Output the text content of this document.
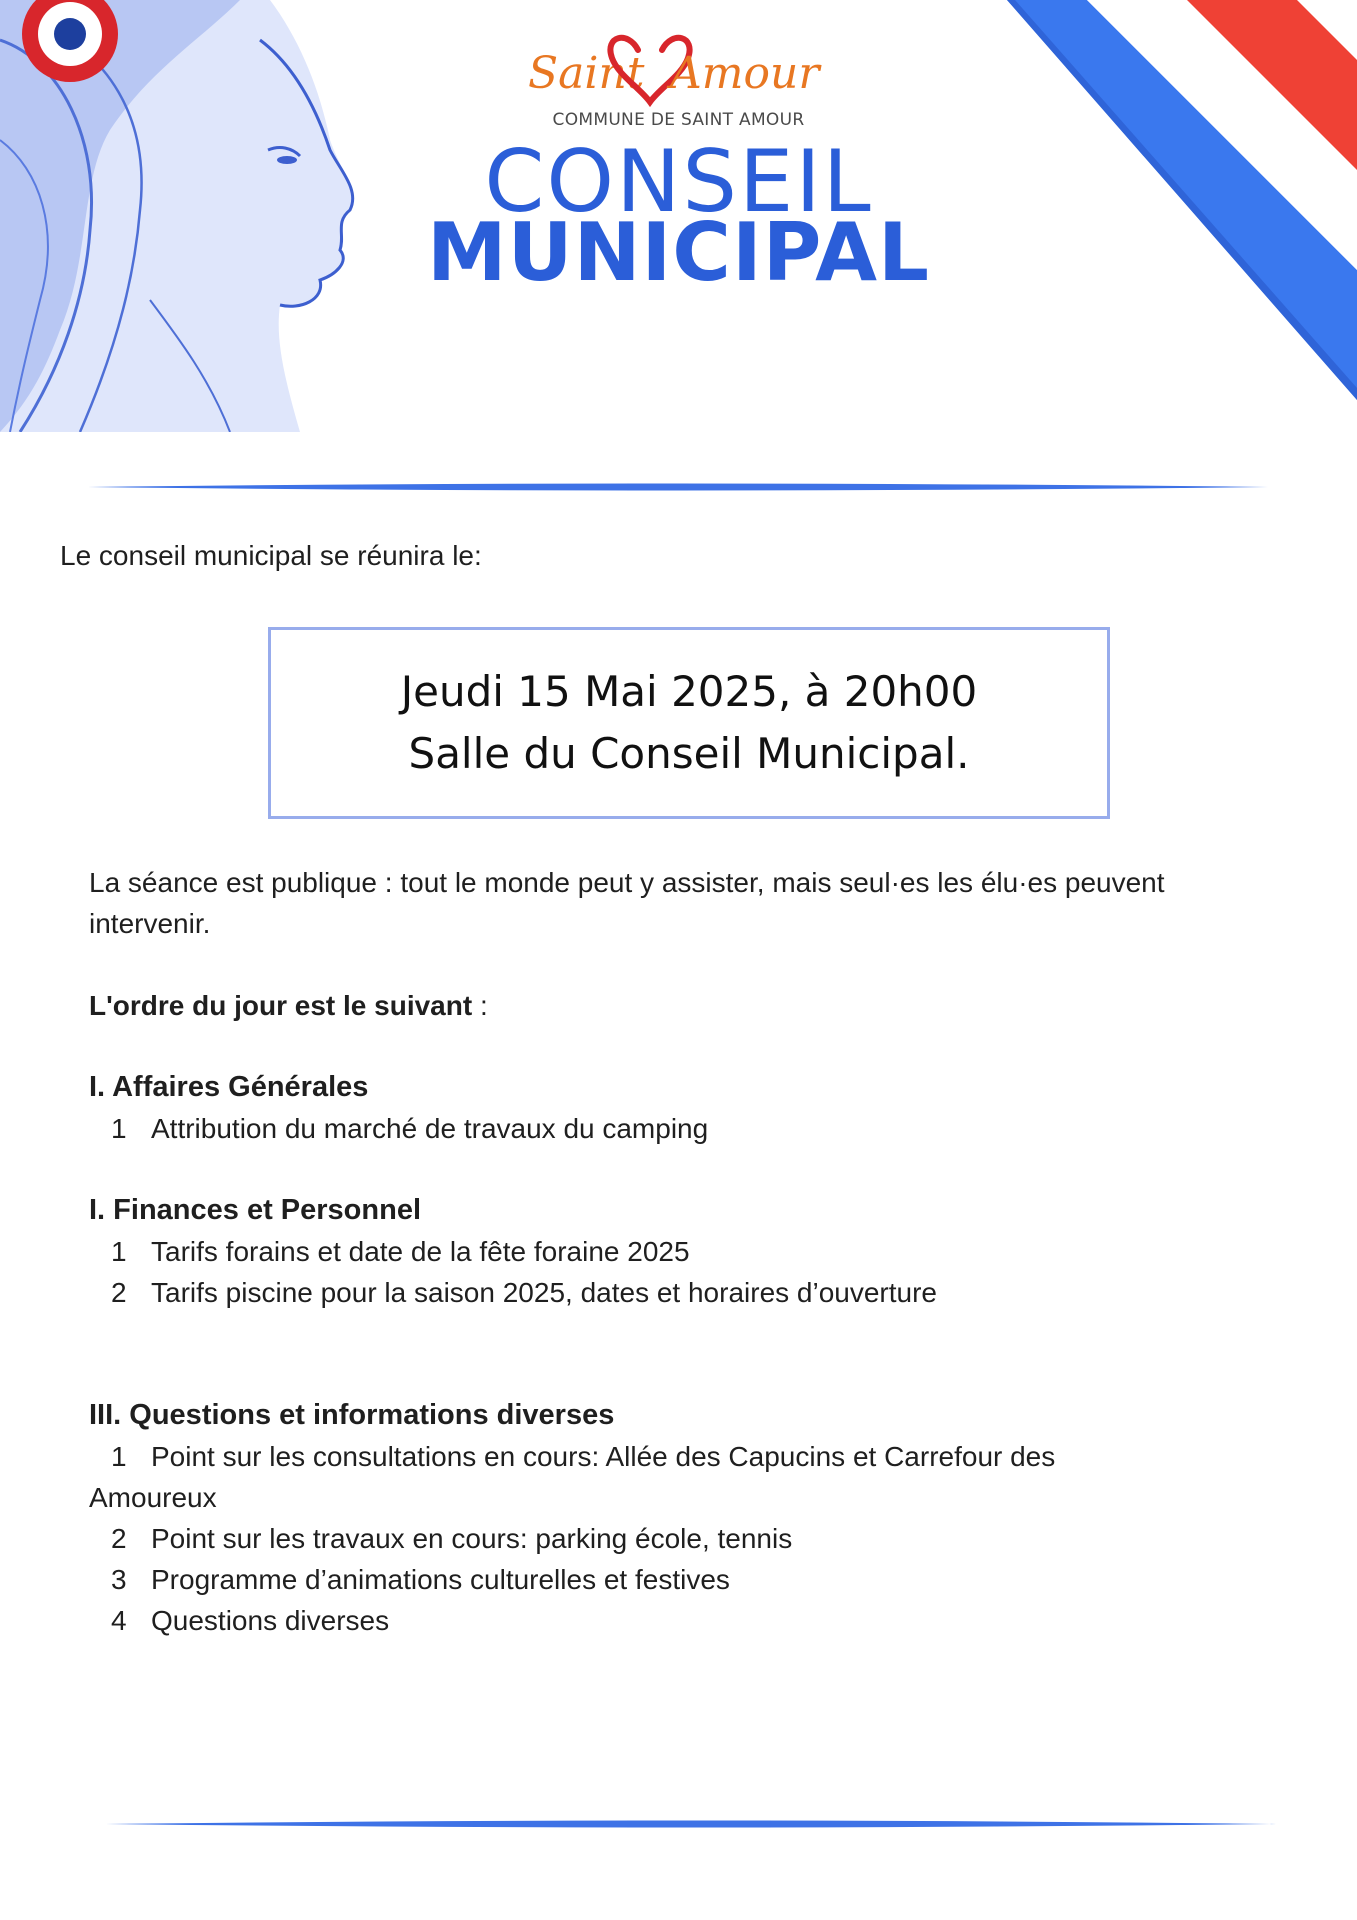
Saint Amour
COMMUNE DE SAINT AMOUR
CONSEIL
MUNICIPAL
Le conseil municipal se réunira le:
Jeudi 15 Mai 2025, à 20h00
Salle du Conseil Municipal.

La séance est publique : tout le monde peut y assister, mais seul·es les élu·es peuvent

intervenir.

L'ordre du jour est le suivant :

I. Affaires Générales

1 Attribution du marché de travaux du camping

I. Finances et Personnel

1 Tarifs forains et date de la fête foraine 2025

2 Tarifs piscine pour la saison 2025, dates et horaires d’ouverture

III. Questions et informations diverses

1 Point sur les consultations en cours: Allée des Capucins et Carrefour des

Amoureux

2 Point sur les travaux en cours: parking école, tennis

3 Programme d’animations culturelles et festives

4 Questions diverses
